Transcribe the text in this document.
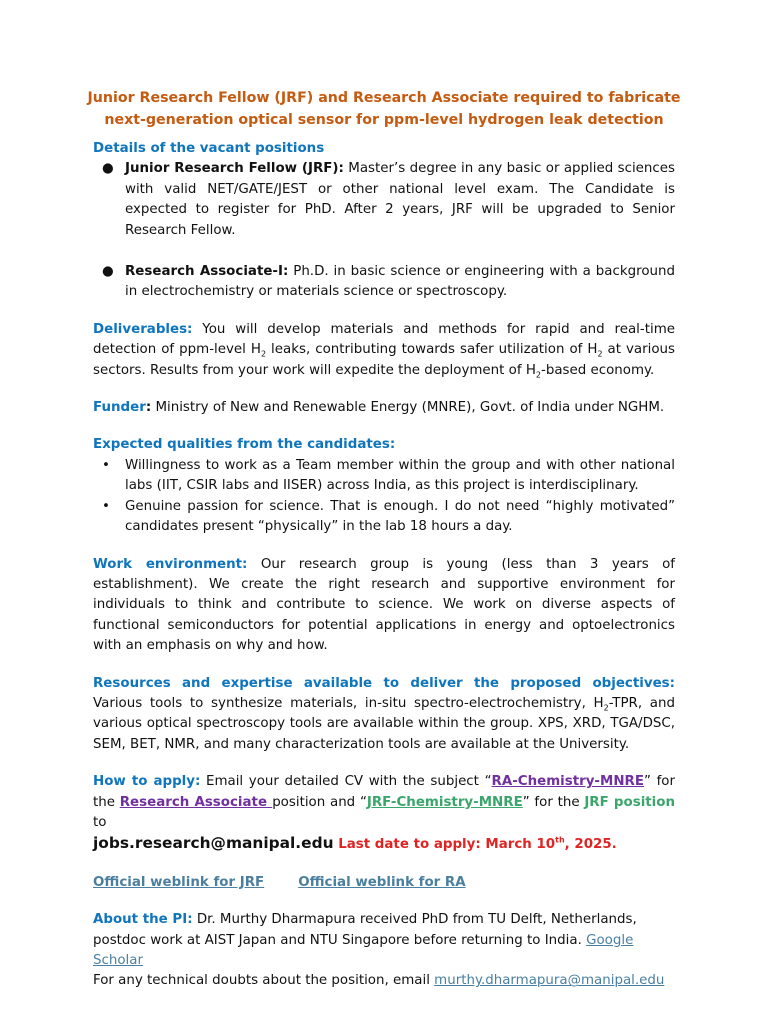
Junior Research Fellow (JRF) and Research Associate required to fabricate
next-generation optical sensor for ppm-level hydrogen leak detection
Details of the vacant positions
● Junior Research Fellow (JRF): Master’s degree in any basic or applied sciences with valid NET/GATE/JEST or other national level exam. The Candidate is expected to register for PhD. After 2 years, JRF will be upgraded to Senior Research Fellow.
● Research Associate-I: Ph.D. in basic science or engineering with a background in electrochemistry or materials science or spectroscopy.
Deliverables: You will develop materials and methods for rapid and real-time detection of ppm-level $H_2$ leaks, contributing towards safer utilization of $H_2$ at various sectors. Results from your work will expedite the deployment of $H_2$-based economy.
Funder: Ministry of New and Renewable Energy (MNRE), Govt. of India under NGHM.
Expected qualities from the candidates:
• Willingness to work as a Team member within the group and with other national labs (IIT, CSIR labs and IISER) across India, as this project is interdisciplinary.
• Genuine passion for science. That is enough. I do not need “highly motivated” candidates present “physically” in the lab 18 hours a day.
Work environment: Our research group is young (less than 3 years of establishment). We create the right research and supportive environment for individuals to think and contribute to science. We work on diverse aspects of functional semiconductors for potential applications in energy and optoelectronics with an emphasis on why and how.
Resources and expertise available to deliver the proposed objectives: Various tools to synthesize materials, in-situ spectro-electrochemistry, $H_2$-TPR, and various optical spectroscopy tools are available within the group. XPS, XRD, TGA/DSC, SEM, BET, NMR, and many characterization tools are available at the University.
How to apply: Email your detailed CV with the subject “RA-Chemistry-MNRE” for the Research Associate position and “JRF-Chemistry-MNRE” for the JRF position to
jobs.research@manipal.edu Last date to apply: March 10th, 2025.
Official weblink for JRF	Official weblink for RA
About the PI: Dr. Murthy Dharmapura received PhD from TU Delft, Netherlands, postdoc work at AIST Japan and NTU Singapore before returning to India. Google Scholar
For any technical doubts about the position, email murthy.dharmapura@manipal.edu
